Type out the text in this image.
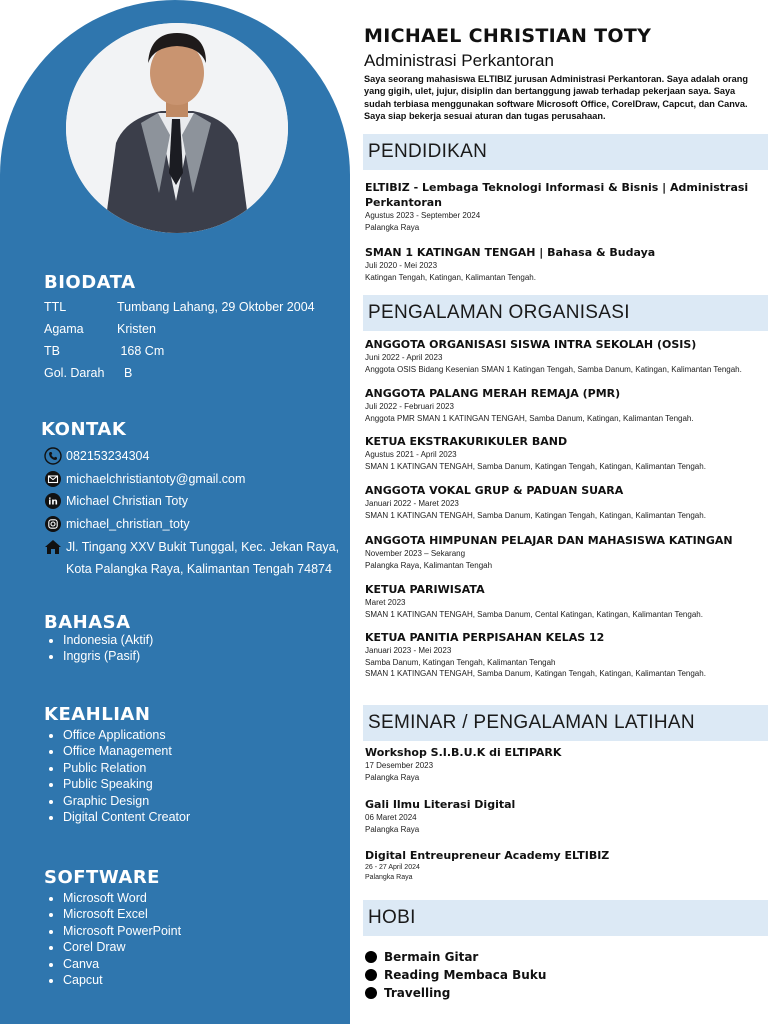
BIODATA
TTL	Tumbang Lahang, 29 Oktober 2004
Agama	Kristen
TB	168 Cm
Gol. Darah  B
KONTAK
082153234304
michaelchristiantoty@gmail.com
in Michael Christian Toty
michael_christian_toty
Jl. Tingang XXV Bukit Tunggal, Kec. Jekan Raya,
Kota Palangka Raya, Kalimantan Tengah 74874
BAHASA
• Indonesia (Aktif)
• Inggris (Pasif)
KEAHLIAN
• Office Applications
• Office Management
• Public Relation
• Public Speaking
• Graphic Design
• Digital Content Creator
SOFTWARE
• Microsoft Word
• Microsoft Excel
• Microsoft PowerPoint
• Corel Draw
• Canva
• Capcut
MICHAEL CHRISTIAN TOTY
Administrasi Perkantoran
Saya seorang mahasiswa ELTIBIZ jurusan Administrasi Perkantoran. Saya adalah orang yang gigih, ulet, jujur, disiplin dan bertanggung jawab terhadap pekerjaan saya. Saya sudah terbiasa menggunakan software Microsoft Office, CorelDraw, Capcut, dan Canva. Saya siap bekerja sesuai aturan dan tugas perusahaan.
PENDIDIKAN
ELTIBIZ - Lembaga Teknologi Informasi & Bisnis | Administrasi Perkantoran
Agustus 2023 - September 2024
Palangka Raya
SMAN 1 KATINGAN TENGAH | Bahasa & Budaya
Juli 2020 - Mei 2023
Katingan Tengah, Katingan, Kalimantan Tengah.
PENGALAMAN ORGANISASI
ANGGOTA ORGANISASI SISWA INTRA SEKOLAH (OSIS)
Juni 2022 - April 2023
Anggota OSIS Bidang Kesenian SMAN 1 Katingan Tengah, Samba Danum, Katingan, Kalimantan Tengah.
ANGGOTA PALANG MERAH REMAJA (PMR)
Juli 2022 - Februari 2023
Anggota PMR SMAN 1 KATINGAN TENGAH, Samba Danum, Katingan, Kalimantan Tengah.
KETUA EKSTRAKURIKULER BAND
Agustus 2021 - April 2023
SMAN 1 KATINGAN TENGAH, Samba Danum, Katingan Tengah, Katingan, Kalimantan Tengah.
ANGGOTA VOKAL GRUP & PADUAN SUARA
Januari 2022 - Maret 2023
SMAN 1 KATINGAN TENGAH, Samba Danum, Katingan Tengah, Katingan, Kalimantan Tengah.
ANGGOTA HIMPUNAN PELAJAR DAN MAHASISWA KATINGAN
November 2023 – Sekarang
Palangka Raya, Kalimantan Tengah
KETUA PARIWISATA
Maret 2023
SMAN 1 KATINGAN TENGAH, Samba Danum, Cental Katingan, Katingan, Kalimantan Tengah.
KETUA PANITIA PERPISAHAN KELAS 12
Januari 2023 - Mei 2023
Samba Danum, Katingan Tengah, Kalimantan Tengah
SMAN 1 KATINGAN TENGAH, Samba Danum, Katingan Tengah, Katingan, Kalimantan Tengah.
SEMINAR / PENGALAMAN LATIHAN
Workshop S.I.B.U.K di ELTIPARK
17 Desember 2023
Palangka Raya
Gali Ilmu Literasi Digital
06 Maret 2024
Palangka Raya
Digital Entreupreneur Academy ELTIBIZ
26 - 27 April 2024
Palangka Raya
HOBI
Bermain Gitar
Reading Membaca Buku
Travelling
